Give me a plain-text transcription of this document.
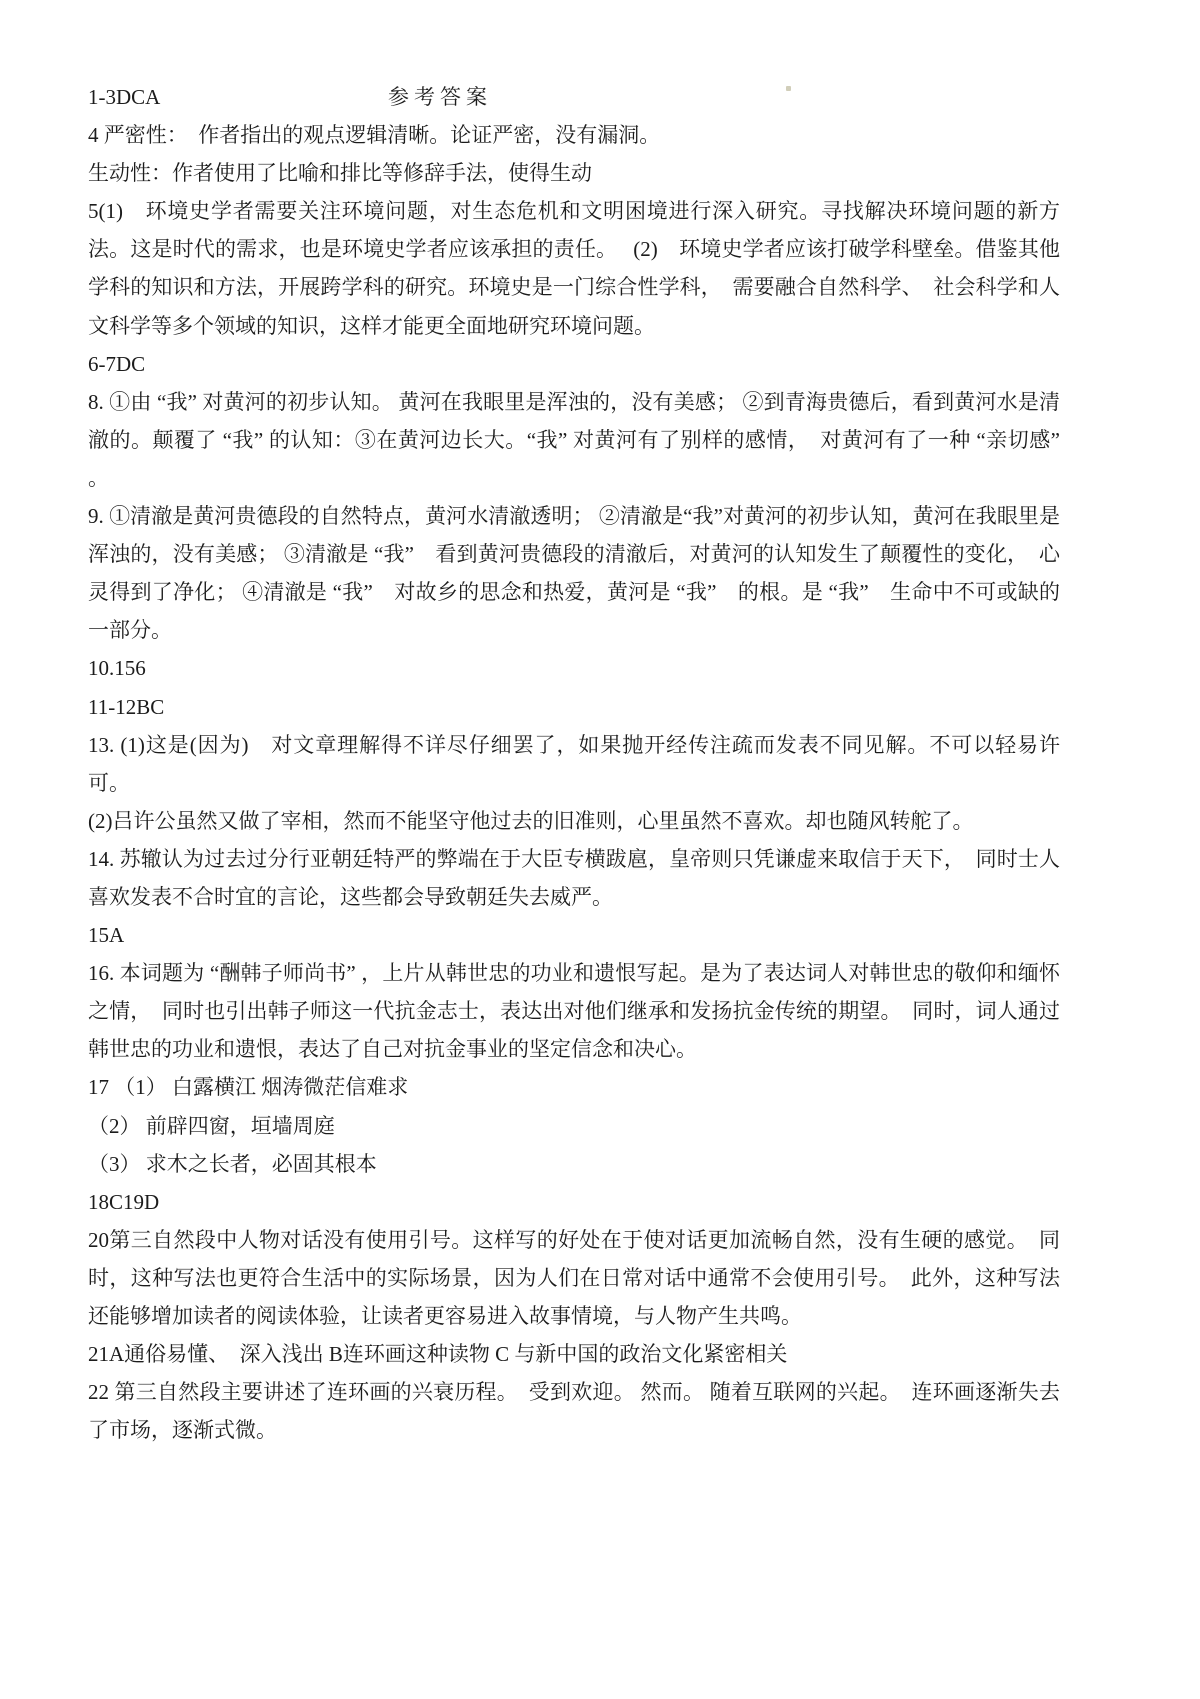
1-3DCA	参考答案
4 严密性：　作者指出的观点逻辑清晰。论证严密，没有漏洞。
生动性：作者使用了比喻和排比等修辞手法，使得生动
5(1)　环境史学者需要关注环境问题，对生态危机和文明困境进行深入研究。寻找解决环境问题的新方法。这是时代的需求，也是环境史学者应该承担的责任。　 (2)　环境史学者应该打破学科壁垒。借鉴其他学科的知识和方法，开展跨学科的研究。环境史是一门综合性学科，　需要融合自然科学、　社会科学和人文科学等多个领域的知识，这样才能更全面地研究环境问题。
6-7DC
8. ①由 “我” 对黄河的初步认知。 黄河在我眼里是浑浊的，没有美感； ②到青海贵德后，看到黄河水是清澈的。颠覆了 “我” 的认知：③在黄河边长大。“我” 对黄河有了别样的感情，　对黄河有了一种 “亲切感” 。
9. ①清澈是黄河贵德段的自然特点，黄河水清澈透明； ②清澈是“我”对黄河的初步认知，黄河在我眼里是浑浊的，没有美感； ③清澈是 “我”　看到黄河贵德段的清澈后，对黄河的认知发生了颠覆性的变化，　心灵得到了净化； ④清澈是 “我”　对故乡的思念和热爱，黄河是 “我”　的根。是 “我”　生命中不可或缺的一部分。
10.156
11-12BC
13. (1)这是(因为)　对文章理解得不详尽仔细罢了，如果抛开经传注疏而发表不同见解。不可以轻易许可。
(2)吕许公虽然又做了宰相，然而不能坚守他过去的旧准则，心里虽然不喜欢。却也随风转舵了。
14. 苏辙认为过去过分行亚朝廷特严的弊端在于大臣专横跋扈，皇帝则只凭谦虚来取信于天下，　同时士人喜欢发表不合时宜的言论，这些都会导致朝廷失去威严。
15A
16. 本词题为 “酬韩子师尚书” ，上片从韩世忠的功业和遗恨写起。是为了表达词人对韩世忠的敬仰和缅怀之情，　同时也引出韩子师这一代抗金志士，表达出对他们继承和发扬抗金传统的期望。　同时，词人通过韩世忠的功业和遗恨，表达了自己对抗金事业的坚定信念和决心。
17 （1） 白露横江 烟涛微茫信难求
（2） 前辟四窗，垣墙周庭
（3） 求木之长者，必固其根本
18C19D
20第三自然段中人物对话没有使用引号。这样写的好处在于使对话更加流畅自然，没有生硬的感觉。　同时，这种写法也更符合生活中的实际场景，因为人们在日常对话中通常不会使用引号。　此外，这种写法还能够增加读者的阅读体验，让读者更容易进入故事情境，与人物产生共鸣。
21A通俗易懂、　深入浅出 B连环画这种读物 C 与新中国的政治文化紧密相关
22 第三自然段主要讲述了连环画的兴衰历程。　受到欢迎。 然而。 随着互联网的兴起。　连环画逐渐失去了市场，逐渐式微。
